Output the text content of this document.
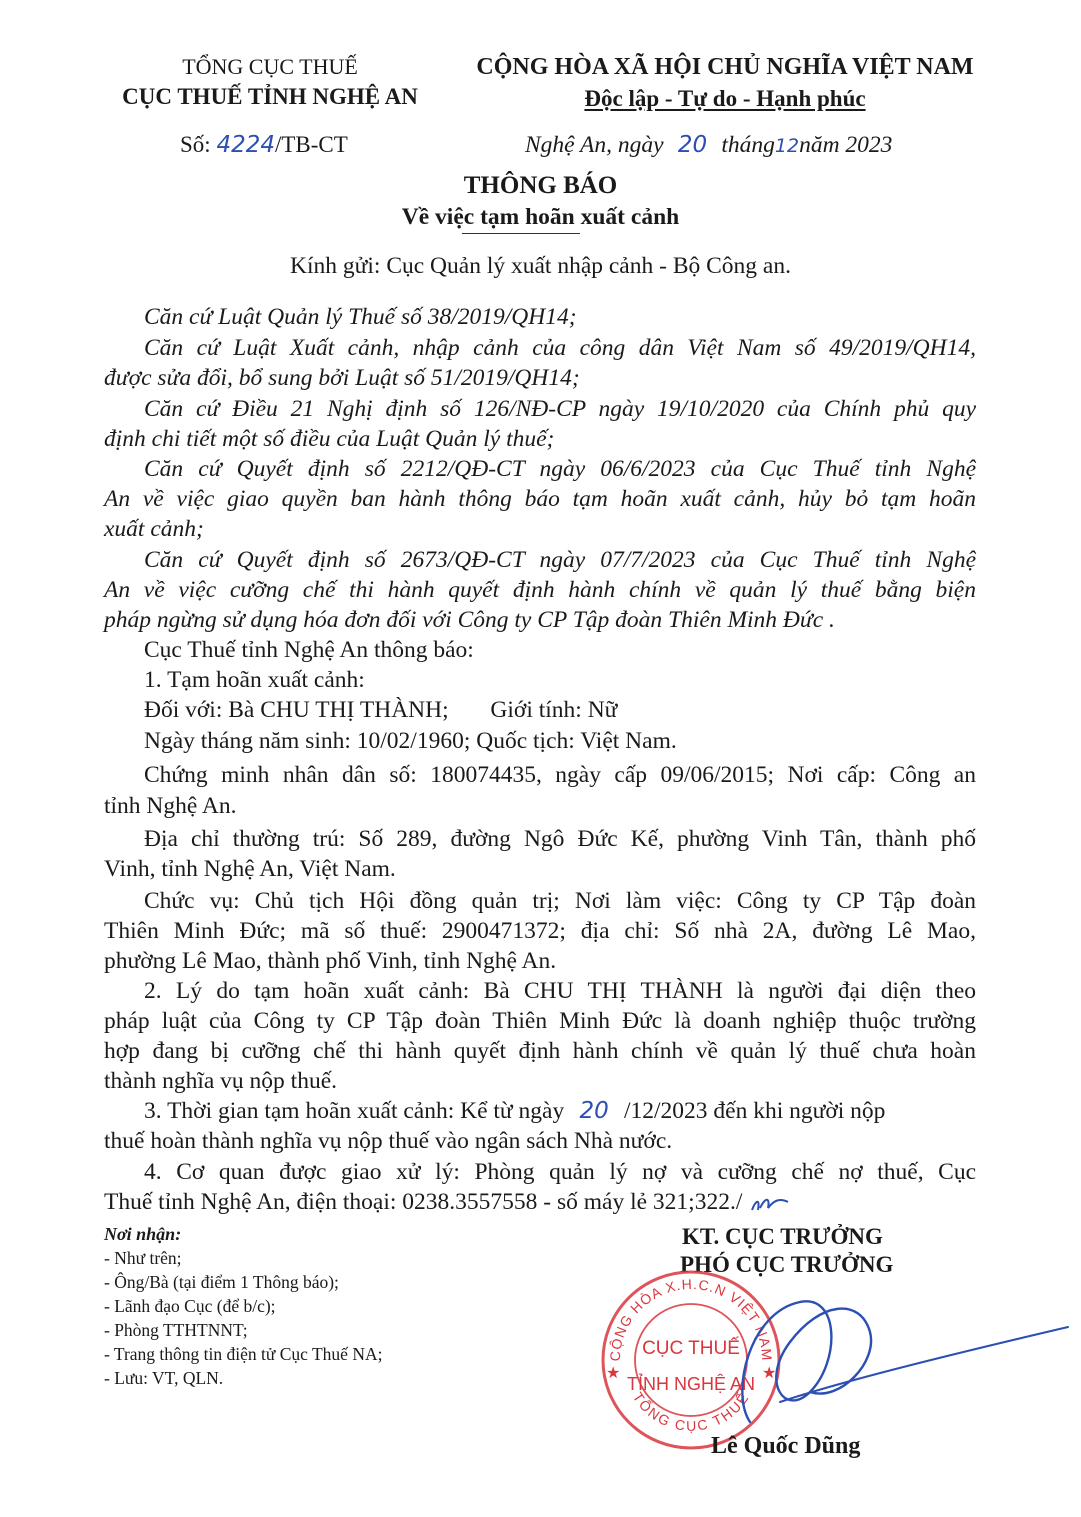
TỔNG CỤC THUẾ
CỤC THUẾ TỈNH NGHỆ AN
CỘNG HÒA XÃ HỘI CHỦ NGHĨA VIỆT NAM
Độc lập - Tự do - Hạnh phúc
Số: 4224/TB-CT	Nghệ An, ngày 20 tháng12năm 2023
THÔNG BÁO
Về việc tạm hoãn xuất cảnh
Kính gửi: Cục Quản lý xuất nhập cảnh - Bộ Công an.
Căn cứ Luật Quản lý Thuế số 38/2019/QH14;
Căn cứ Luật Xuất cảnh, nhập cảnh của công dân Việt Nam số 49/2019/QH14,
được sửa đổi, bổ sung bởi Luật số 51/2019/QH14;
Căn cứ Điều 21 Nghị định số 126/NĐ-CP ngày 19/10/2020 của Chính phủ quy
định chi tiết một số điều của Luật Quản lý thuế;
Căn cứ Quyết định số 2212/QĐ-CT ngày 06/6/2023 của Cục Thuế tỉnh Nghệ
An về việc giao quyền ban hành thông báo tạm hoãn xuất cảnh, hủy bỏ tạm hoãn
xuất cảnh;
Căn cứ Quyết định số 2673/QĐ-CT ngày 07/7/2023 của Cục Thuế tỉnh Nghệ
An về việc cưỡng chế thi hành quyết định hành chính về quản lý thuế bằng biện
pháp ngừng sử dụng hóa đơn đối với Công ty CP Tập đoàn Thiên Minh Đức .
Cục Thuế tỉnh Nghệ An thông báo:
1. Tạm hoãn xuất cảnh:
Đối với: Bà CHU THỊ THÀNH; Giới tính: Nữ
Ngày tháng năm sinh: 10/02/1960; Quốc tịch: Việt Nam.
Chứng minh nhân dân số: 180074435, ngày cấp 09/06/2015; Nơi cấp: Công an
tỉnh Nghệ An.
Địa chỉ thường trú: Số 289, đường Ngô Đức Kế, phường Vinh Tân, thành phố
Vinh, tỉnh Nghệ An, Việt Nam.
Chức vụ: Chủ tịch Hội đồng quản trị; Nơi làm việc: Công ty CP Tập đoàn
Thiên Minh Đức; mã số thuế: 2900471372; địa chỉ: Số nhà 2A, đường Lê Mao,
phường Lê Mao, thành phố Vinh, tỉnh Nghệ An.
2. Lý do tạm hoãn xuất cảnh: Bà CHU THỊ THÀNH là người đại diện theo
pháp luật của Công ty CP Tập đoàn Thiên Minh Đức là doanh nghiệp thuộc trường
hợp đang bị cưỡng chế thi hành quyết định hành chính về quản lý thuế chưa hoàn
thành nghĩa vụ nộp thuế.
3. Thời gian tạm hoãn xuất cảnh: Kể từ ngày 20 /12/2023 đến khi người nộp
thuế hoàn thành nghĩa vụ nộp thuế vào ngân sách Nhà nước.
4. Cơ quan được giao xử lý: Phòng quản lý nợ và cưỡng chế nợ thuế, Cục
Thuế tỉnh Nghệ An, điện thoại: 0238.3557558 - số máy lẻ 321;322./
Nơi nhận:
- Như trên;
- Ông/Bà (tại điểm 1 Thông báo);
- Lãnh đạo Cục (để b/c);
- Phòng TTHTNNT;
- Trang thông tin điện tử Cục Thuế NA;
- Lưu: VT, QLN.
KT. CỤC TRƯỞNG
PHÓ CỤC TRƯỞNG
CỘNG HÒA X.H.C.N VIỆT NAM
TỔNG CỤC THUẾ
CỤC THUẾ
TỈNH NGHỆ AN
★	★
Lê Quốc Dũng
